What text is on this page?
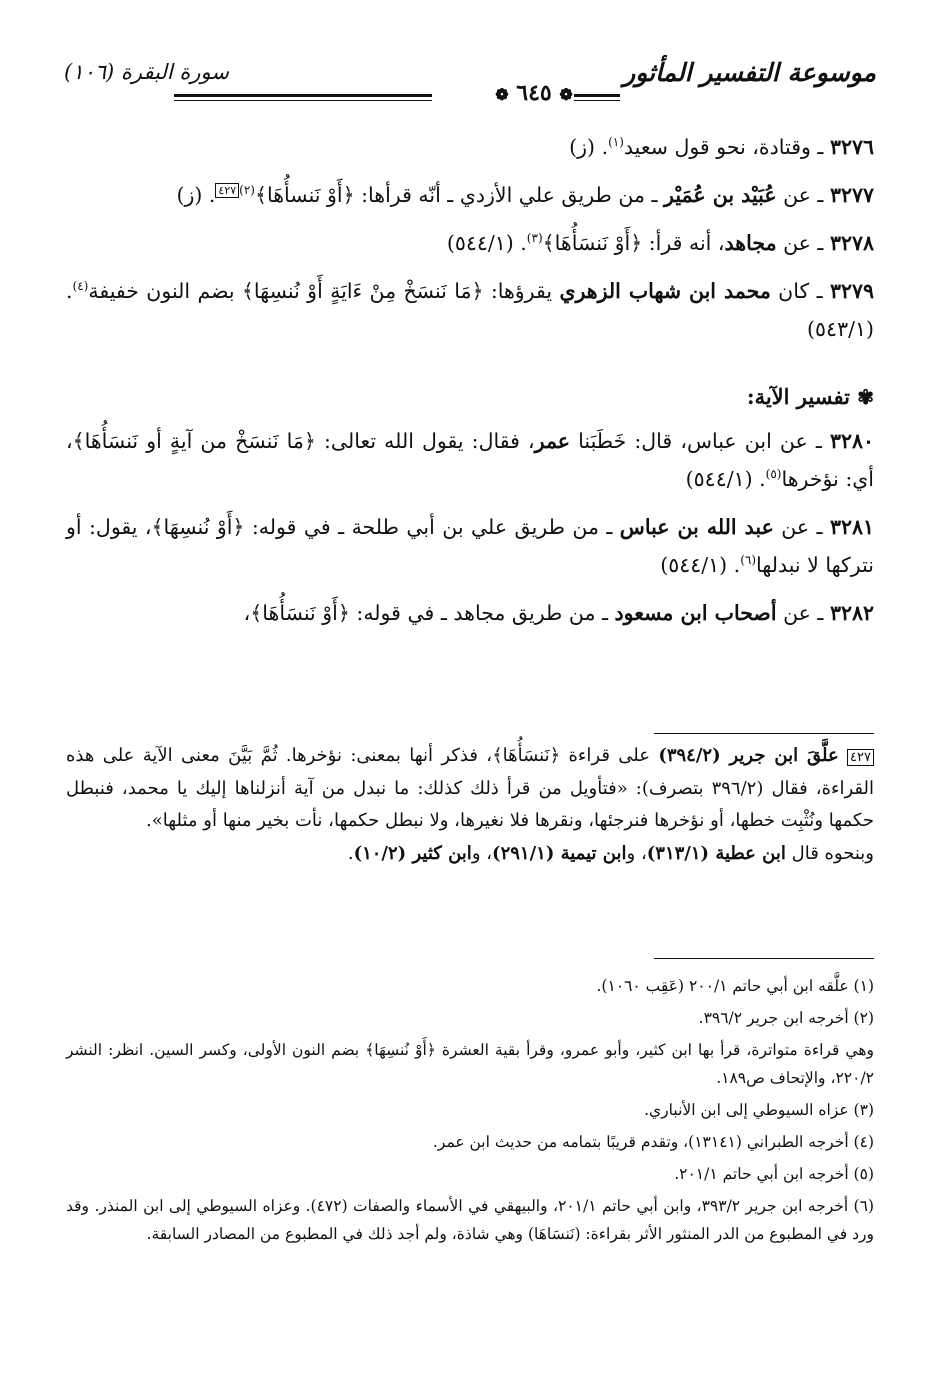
موسوعة التفسير المأثور
❁ ٦٤٥ ❁
سورة البقرة (١٠٦)

٣٢٧٦ ـ وقتادة، نحو قول سعيد$^{(١)}$. (ز)

٣٢٧٧ ـ عن عُبَيْد بن عُمَيْر ـ من طريق علي الأزدي ـ أنّه قرأها: ﴿أَوْ نَنسأُهَا﴾$^{(٢)٤٢٧}$. (ز)

٣٢٧٨ ـ عن مجاهد، أنه قرأ: ﴿أَوْ نَنسَأُهَا﴾$^{(٣)}$. (٥٤٤/١)

٣٢٧٩ ـ كان محمد ابن شهاب الزهري يقرؤها: ﴿مَا نَنسَخْ مِنْ ءَايَةٍ أَوْ نُنسِهَا﴾ بضم النون خفيفة$^{(٤)}$. (٥٤٣/١)

✾ تفسير الآية:

٣٢٨٠ ـ عن ابن عباس، قال: خَطَبَنا عمر، فقال: يقول الله تعالى: ﴿مَا نَنسَخْ من آيةٍ أو نَنسَأُهَا﴾، أي: نؤخرها$^{(٥)}$. (٥٤٤/١)

٣٢٨١ ـ عن عبد الله بن عباس ـ من طريق علي بن أبي طلحة ـ في قوله: ﴿أَوْ نُنسِهَا﴾، يقول: أو نتركها لا نبدلها$^{(٦)}$. (٥٤٤/١)

٣٢٨٢ ـ عن أصحاب ابن مسعود ـ من طريق مجاهد ـ في قوله: ﴿أَوْ نَنسَأُهَا﴾،

٤٢٧ علَّقَ ابن جرير (٣٩٤/٢) على قراءة ﴿نَنسَأُهَا﴾، فذكر أنها بمعنى: نؤخرها. ثُمَّ بَيَّنَ معنى الآية على هذه القراءة، فقال (٣٩٦/٢ بتصرف): «فتأويل من قرأ ذلك كذلك: ما نبدل من آية أنزلناها إليك يا محمد، فنبطل حكمها ونُثْبِت خطها، أو نؤخرها فنرجئها، ونقرها فلا نغيرها، ولا نبطل حكمها، نأت بخير منها أو مثلها».

وبنحوه قال ابن عطية (٣١٣/١)، وابن تيمية (٢٩١/١)، وابن كثير (١٠/٢).

(١) علَّقه ابن أبي حاتم ٢٠٠/١ (عَقِب ١٠٦٠).

(٢) أخرجه ابن جرير ٣٩٦/٢.

وهي قراءة متواترة، قرأ بها ابن كثير، وأبو عمرو، وقرأ بقية العشرة ﴿أَوْ نُنسِهَا﴾ بضم النون الأولى، وكسر السين. انظر: النشر ٢٢٠/٢، والإتحاف ص١٨٩.

(٣) عزاه السيوطي إلى ابن الأنباري.

(٤) أخرجه الطبراني (١٣١٤١)، وتقدم قريبًا بتمامه من حديث ابن عمر.

(٥) أخرجه ابن أبي حاتم ٢٠١/١.

(٦) أخرجه ابن جرير ٣٩٣/٢، وابن أبي حاتم ٢٠١/١، والبيهقي في الأسماء والصفات (٤٧٢). وعزاه السيوطي إلى ابن المنذر. وقد ورد في المطبوع من الدر المنثور الأثر بقراءة: (نَنسَاهَا) وهي شاذة، ولم أجد ذلك في المطبوع من المصادر السابقة.
